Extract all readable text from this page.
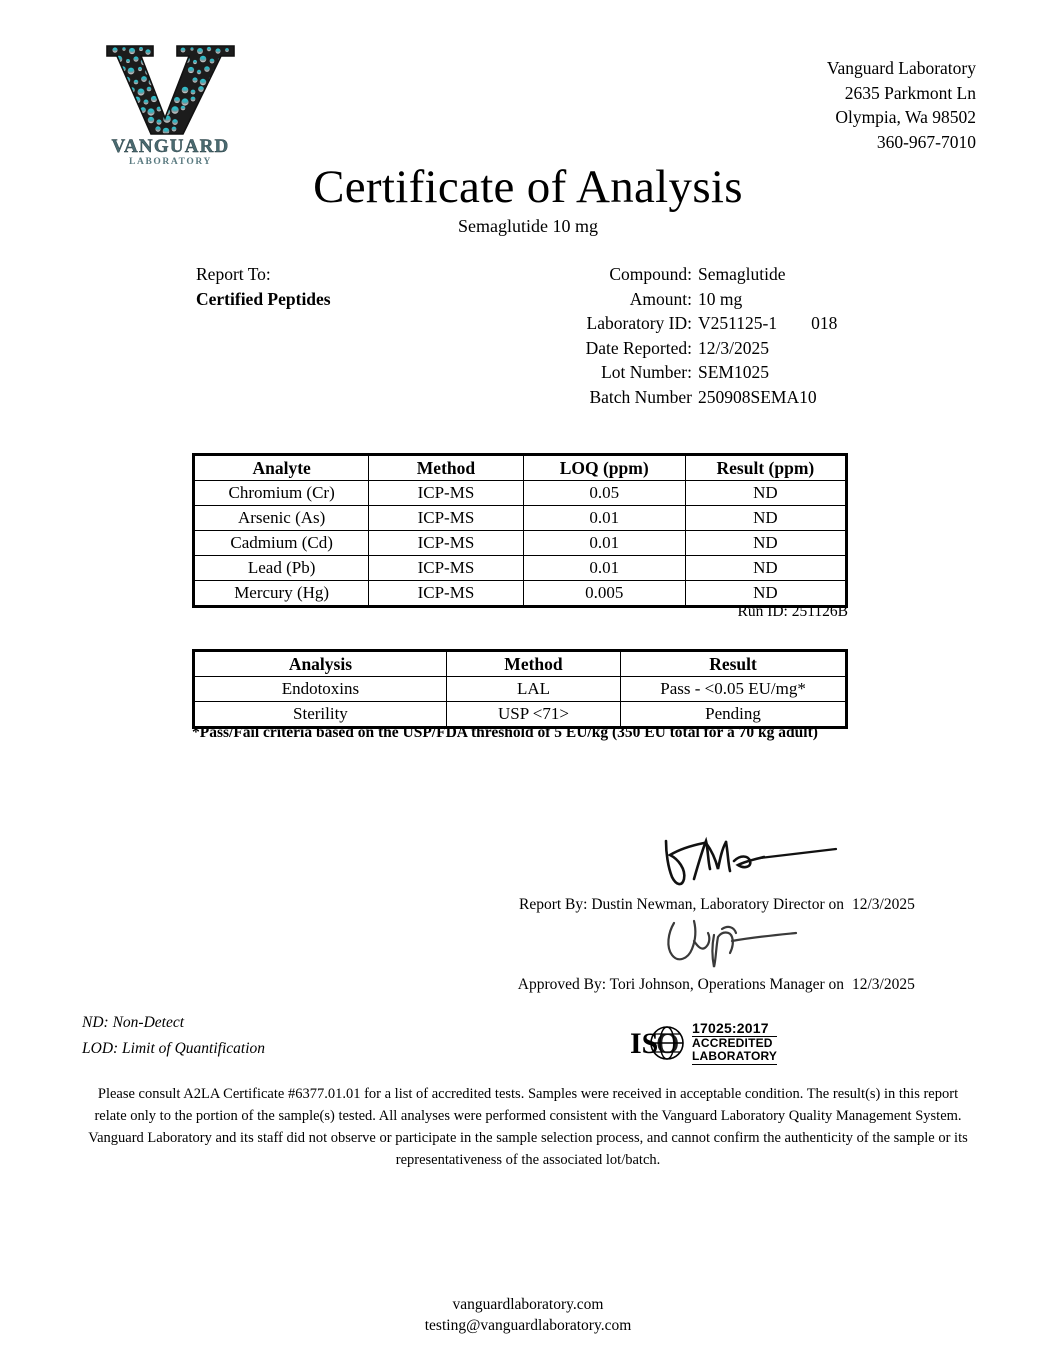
VANGUARD
LABORATORY
Vanguard Laboratory
2635 Parkmont Ln
Olympia, Wa 98502
360-967-7010
Certificate of Analysis
Semaglutide 10 mg
Report To:
Certified Peptides
Compound: Semaglutide
Amount: 10 mg
Laboratory ID: V251125-1	018
Date Reported: 12/3/2025
Lot Number: SEM1025
Batch Number 250908SEMA10
Analyte	Method	LOQ (ppm)	Result (ppm)
Chromium (Cr)	ICP-MS	0.05	ND
Arsenic (As)	ICP-MS	0.01	ND
Cadmium (Cd)	ICP-MS	0.01	ND
Lead (Pb)	ICP-MS	0.01	ND
Mercury (Hg)	ICP-MS	0.005	ND
Run ID: 251126B
Analysis	Method	Result
Endotoxins	LAL	Pass - <0.05 EU/mg*
Sterility	USP <71>	Pending
*Pass/Fail criteria based on the USP/FDA threshold of 5 EU/kg (350 EU total for a 70 kg adult)
Report By: Dustin Newman, Laboratory Director on 12/3/2025
Approved By: Tori Johnson, Operations Manager on 12/3/2025
ND: Non-Detect
LOD: Limit of Quantification	IS
O 17025:2017
ACCREDITED
LABORATORY
Please consult A2LA Certificate #6377.01.01 for a list of accredited tests. Samples were received in acceptable condition. The result(s) in this report relate only to the portion of the sample(s) tested. All analyses were performed consistent with the Vanguard Laboratory Quality Management System. Vanguard Laboratory and its staff did not observe or participate in the sample selection process, and cannot confirm the authenticity of the sample or its representativeness of the associated lot/batch.
vanguardlaboratory.com
testing@vanguardlaboratory.com
